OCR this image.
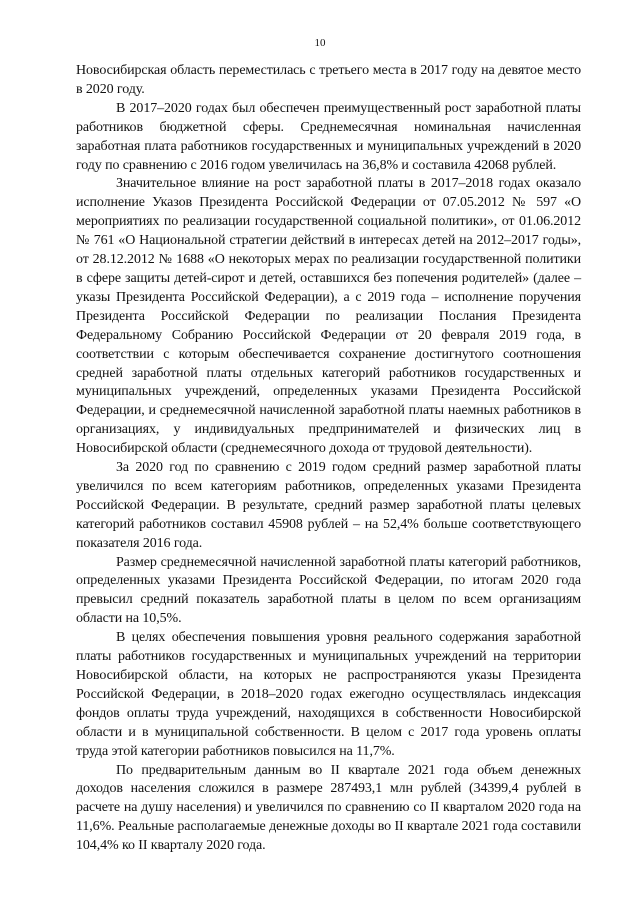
10

Новосибирская область переместилась с третьего места в 2017 году на девятое место в 2020 году.

В 2017–2020 годах был обеспечен преимущественный рост заработной платы работников бюджетной сферы. Среднемесячная номинальная начисленная заработная плата работников государственных и муниципальных учреждений в 2020 году по сравнению с 2016 годом увеличилась на 36,8% и составила 42068 рублей.

Значительное влияние на рост заработной платы в 2017–2018 годах оказало исполнение Указов Президента Российской Федерации от 07.05.2012 № 597 «О мероприятиях по реализации государственной социальной политики», от 01.06.2012 № 761 «О Национальной стратегии действий в интересах детей на 2012–2017 годы», от 28.12.2012 № 1688 «О некоторых мерах по реализации государственной политики в сфере защиты детей-сирот и детей, оставшихся без попечения родителей» (далее – указы Президента Российской Федерации), а с 2019 года – исполнение поручения Президента Российской Федерации по реализации Послания Президента Федеральному Собранию Российской Федерации от 20 февраля 2019 года, в соответствии с которым обеспечивается сохранение достигнутого соотношения средней заработной платы отдельных категорий работников государственных и муниципальных учреждений, определенных указами Президента Российской Федерации, и среднемесячной начисленной заработной платы наемных работников в организациях, у индивидуальных предпринимателей и физических лиц в Новосибирской области (среднемесячного дохода от трудовой деятельности).

За 2020 год по сравнению с 2019 годом средний размер заработной платы увеличился по всем категориям работников, определенных указами Президента Российской Федерации. В результате, средний размер заработной платы целевых категорий работников составил 45908 рублей – на 52,4% больше соответствующего показателя 2016 года.

Размер среднемесячной начисленной заработной платы категорий работников, определенных указами Президента Российской Федерации, по итогам 2020 года превысил средний показатель заработной платы в целом по всем организациям области на 10,5%.

В целях обеспечения повышения уровня реального содержания заработной платы работников государственных и муниципальных учреждений на территории Новосибирской области, на которых не распространяются указы Президента Российской Федерации, в 2018–2020 годах ежегодно осуществлялась индексация фондов оплаты труда учреждений, находящихся в собственности Новосибирской области и в муниципальной собственности. В целом с 2017 года уровень оплаты труда этой категории работников повысился на 11,7%.

По предварительным данным во II квартале 2021 года объем денежных доходов населения сложился в размере 287493,1 млн рублей (34399,4 рублей в расчете на душу населения) и увеличился по сравнению со II кварталом 2020 года на 11,6%. Реальные располагаемые денежные доходы во II квартале 2021 года составили 104,4% ко II кварталу 2020 года.
